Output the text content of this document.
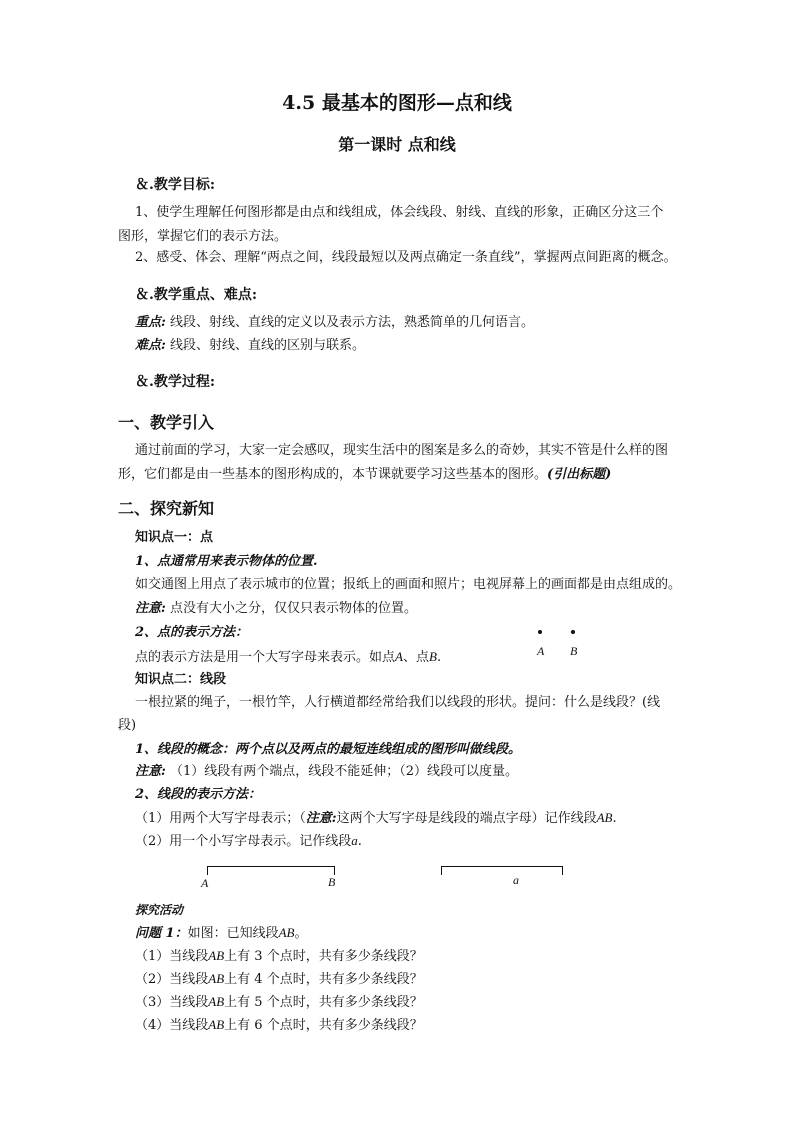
4.5 最基本的图形—点和线
第一课时 点和线
＆.教学目标:
1、使学生理解任何图形都是由点和线组成，体会线段、射线、直线的形象，正确区分这三个
图形，掌握它们的表示方法。
2、感受、体会、理解“两点之间，线段最短以及两点确定一条直线”，掌握两点间距离的概念。
＆.教学重点、难点:
重点: 线段、射线、直线的定义以及表示方法，熟悉简单的几何语言。
难点: 线段、射线、直线的区别与联系。
＆.教学过程:
一、教学引入
通过前面的学习，大家一定会感叹，现实生活中的图案是多么的奇妙，其实不管是什么样的图
形，它们都是由一些基本的图形构成的，本节课就要学习这些基本的图形。(引出标题)
二、探究新知
知识点一：点
1、点通常用来表示物体的位置.
如交通图上用点了表示城市的位置；报纸上的画面和照片；电视屏幕上的画面都是由点组成的。
注意: 点没有大小之分，仅仅只表示物体的位置。
2、点的表示方法：
点的表示方法是用一个大写字母来表示。如点A、点B.	A B
知识点二：线段
一根拉紧的绳子，一根竹竿，人行横道都经常给我们以线段的形状。提问：什么是线段？(线
段)
1、线段的概念：两个点以及两点的最短连线组成的图形叫做线段。
注意: （1）线段有两个端点，线段不能延伸；（2）线段可以度量。
2、线段的表示方法：
（1）用两个大写字母表示；（注意:这两个大写字母是线段的端点字母）记作线段AB.
（2）用一个小写字母表示。记作线段a.
A	B	a
探究活动
问题 1：如图：已知线段AB。
（1）当线段AB上有 3 个点时，共有多少条线段？
（2）当线段AB上有 4 个点时，共有多少条线段？
（3）当线段AB上有 5 个点时，共有多少条线段？
（4）当线段AB上有 6 个点时，共有多少条线段？
